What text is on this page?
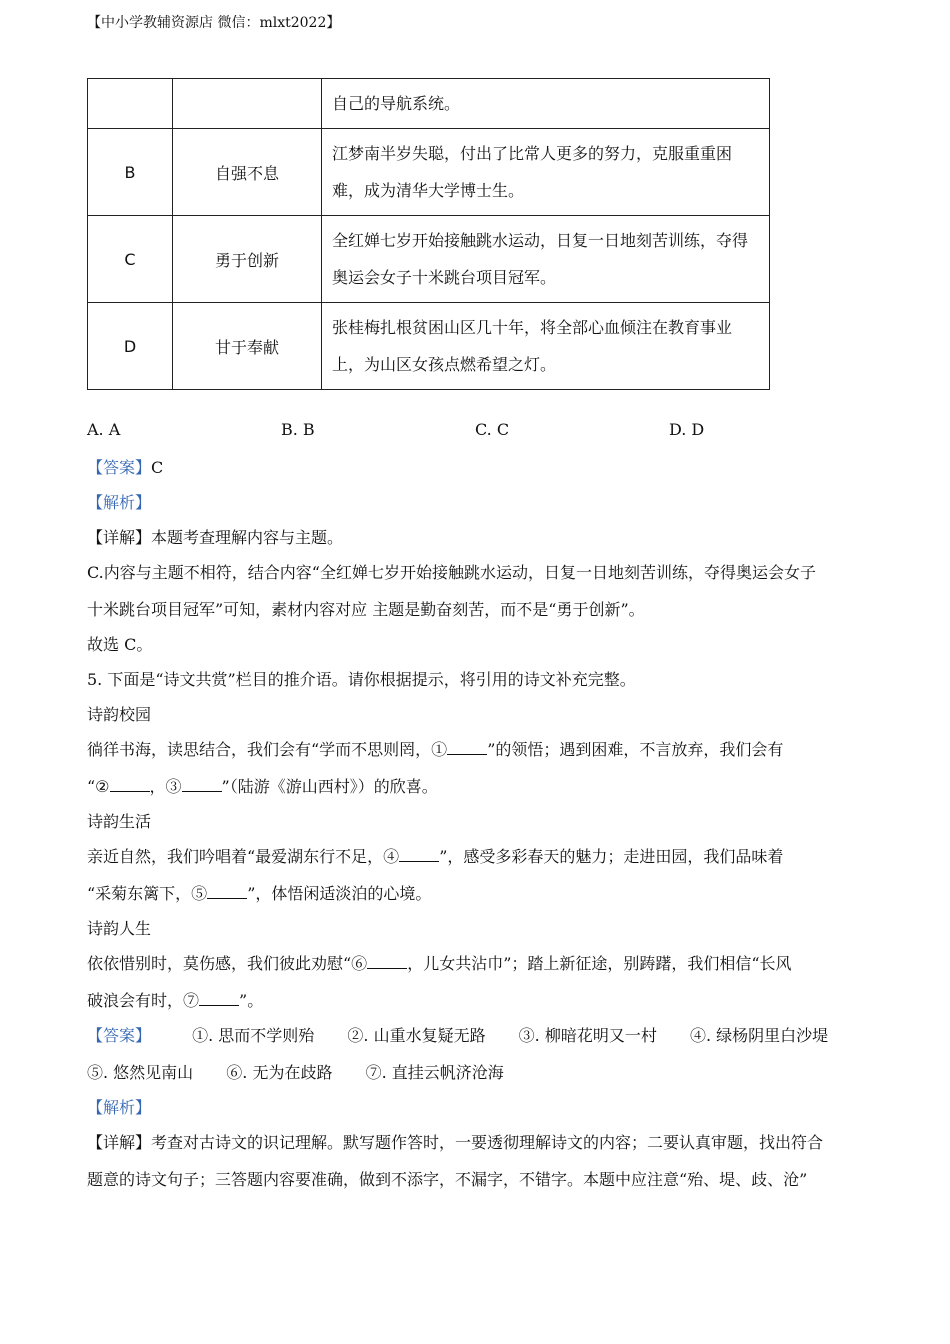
【中小学教辅资源店 微信：mlxt2022】
		自己的导航系统。
B	自强不息	江梦南半岁失聪，付出了比常人更多的努力，克服重重困难，成为清华大学博士生。
C	勇于创新	全红婵七岁开始接触跳水运动，日复一日地刻苦训练，夺得奥运会女子十米跳台项目冠军。
D	甘于奉献	张桂梅扎根贫困山区几十年，将全部心血倾注在教育事业上，为山区女孩点燃希望之灯。
A. A	B. B	C. C	D. D
【答案】C
【解析】
【详解】本题考查理解内容与主题。
C.内容与主题不相符，结合内容“全红婵七岁开始接触跳水运动，日复一日地刻苦训练，夺得奥运会女子
十米跳台项目冠军”可知，素材内容对应 主题是勤奋刻苦，而不是“勇于创新”。
故选 C。
5. 下面是“诗文共赏”栏目的推介语。请你根据提示，将引用的诗文补充完整。
诗韵校园
徜徉书海，读思结合，我们会有“学而不思则罔，①	”的领悟；遇到困难，不言放弃，我们会有
“②	，③	”（陆游《游山西村》）的欣喜。
诗韵生活
亲近自然，我们吟唱着“最爱湖东行不足，④	”，感受多彩春天的魅力；走进田园，我们品味着
“采菊东篱下，⑤	”，体悟闲适淡泊的心境。
诗韵人生
依依惜别时，莫伤感，我们彼此劝慰“⑥	，儿女共沾巾”；踏上新征途，别踌躇，我们相信“长风
破浪会有时，⑦	”。
【答案】	①. 思而不学则殆 ②. 山重水复疑无路 ③. 柳暗花明又一村 ④. 绿杨阴里白沙堤
⑤. 悠然见南山 ⑥. 无为在歧路 ⑦. 直挂云帆济沧海
【解析】
【详解】考查对古诗文的识记理解。默写题作答时，一要透彻理解诗文的内容；二要认真审题，找出符合
题意的诗文句子；三答题内容要准确，做到不添字，不漏字，不错字。本题中应注意“殆、堤、歧、沧”
